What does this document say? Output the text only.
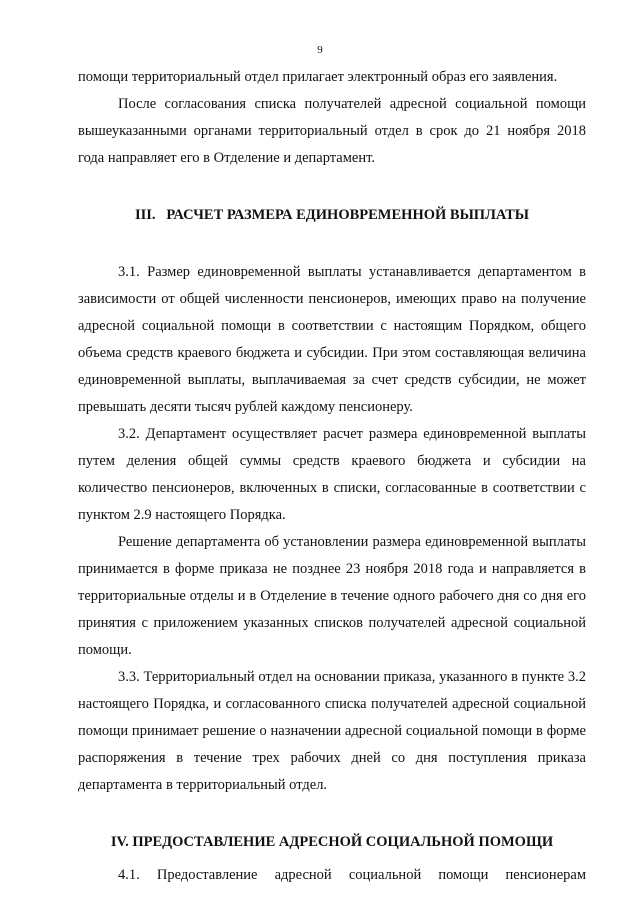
9

помощи территориальный отдел прилагает электронный образ его заявления.

После согласования списка получателей адресной социальной помощи вышеуказанными органами территориальный отдел в срок до 21 ноября 2018 года направляет его в Отделение и департамент.

III.   РАСЧЕТ РАЗМЕРА ЕДИНОВРЕМЕННОЙ ВЫПЛАТЫ

3.1. Размер единовременной выплаты устанавливается департаментом в зависимости от общей численности пенсионеров, имеющих право на получение адресной социальной помощи в соответствии с настоящим Порядком, общего объема средств краевого бюджета и субсидии. При этом составляющая величина единовременной выплаты, выплачиваемая за счет средств субсидии, не может превышать десяти тысяч рублей каждому пенсионеру.

3.2. Департамент осуществляет расчет размера единовременной выплаты путем деления общей суммы средств краевого бюджета и субсидии на количество пенсионеров, включенных в списки, согласованные в соответствии с пунктом 2.9 настоящего Порядка.

Решение департамента об установлении размера единовременной выплаты принимается в форме приказа не позднее 23 ноября 2018 года и направляется в территориальные отделы и в Отделение в течение одного рабочего дня со дня его принятия с приложением указанных списков получателей адресной социальной помощи.

3.3. Территориальный отдел на основании приказа, указанного в пункте 3.2 настоящего Порядка, и согласованного списка получателей адресной социальной помощи принимает решение о назначении адресной социальной помощи в форме распоряжения в течение трех рабочих дней со дня поступления приказа департамента в территориальный отдел.

IV. ПРЕДОСТАВЛЕНИЕ АДРЕСНОЙ СОЦИАЛЬНОЙ ПОМОЩИ

4.1. Предоставление адресной социальной помощи пенсионерам
